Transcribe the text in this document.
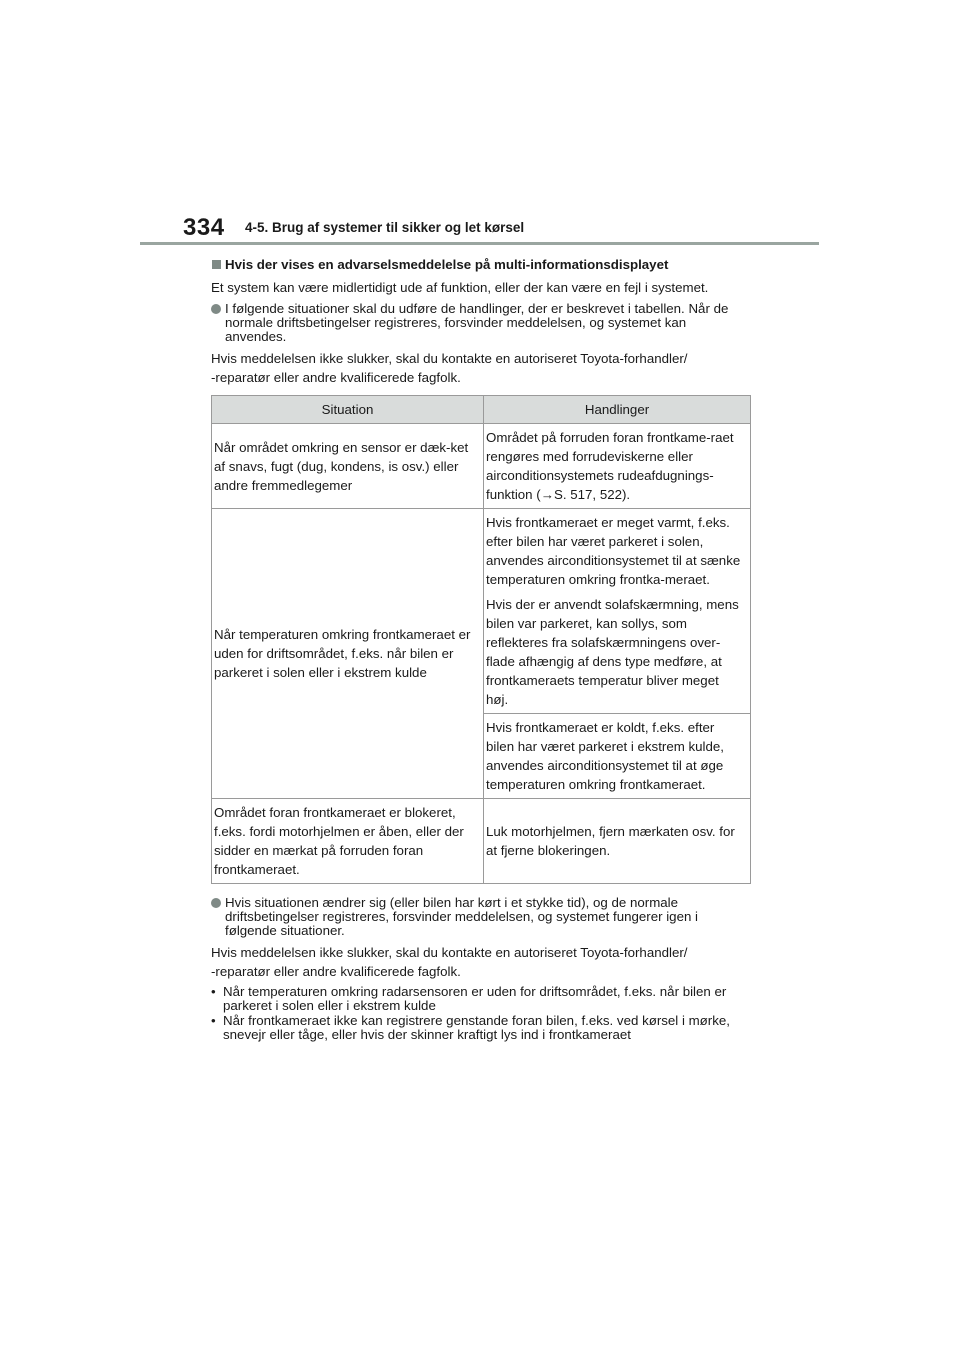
334 4-5. Brug af systemer til sikker og let kørsel
Hvis der vises en advarselsmeddelelse på multi-informationsdisplayet

Et system kan være midlertidigt ude af funktion, eller der kan være en fejl i systemet.

I følgende situationer skal du udføre de handlinger, der er beskrevet i tabellen. Når de normale driftsbetingelser registreres, forsvinder meddelelsen, og systemet kan anvendes.

Hvis meddelelsen ikke slukker, skal du kontakte en autoriseret Toyota-forhandler/

-reparatør eller andre kvalificerede fagfolk.

Situation	Handlinger
Når området omkring en sensor er dæk-ket af snavs, fugt (dug, kondens, is osv.) eller andre fremmedlegemer	Området på forruden foran frontkame-raet rengøres med forrudeviskerne eller airconditionsystemets rudeafdugnings-funktion (→S. 517, 522).
Når temperaturen omkring frontkameraet er uden for driftsområdet, f.eks. når bilen er parkeret i solen eller i ekstrem kulde	Hvis frontkameraet er meget varmt, f.eks. efter bilen har været parkeret i solen, anvendes airconditionsystemet til at sænke temperaturen omkring frontka-meraet.

Hvis der er anvendt solafskærmning, mens bilen var parkeret, kan sollys, som reflekteres fra solafskærmningens over-flade afhængig af dens type medføre, at frontkameraets temperatur bliver meget høj.

	Hvis frontkameraet er koldt, f.eks. efter bilen har været parkeret i ekstrem kulde, anvendes airconditionsystemet til at øge temperaturen omkring frontkameraet.
Området foran frontkameraet er blokeret, f.eks. fordi motorhjelmen er åben, eller der sidder en mærkat på forruden foran frontkameraet.	Luk motorhjelmen, fjern mærkaten osv. for at fjerne blokeringen.
Hvis situationen ændrer sig (eller bilen har kørt i et stykke tid), og de normale driftsbetingelser registreres, forsvinder meddelelsen, og systemet fungerer igen i følgende situationer.

Hvis meddelelsen ikke slukker, skal du kontakte en autoriseret Toyota-forhandler/

-reparatør eller andre kvalificerede fagfolk.

• Når temperaturen omkring radarsensoren er uden for driftsområdet, f.eks. når bilen er parkeret i solen eller i ekstrem kulde
• Når frontkameraet ikke kan registrere genstande foran bilen, f.eks. ved kørsel i mørke, snevejr eller tåge, eller hvis der skinner kraftigt lys ind i frontkameraet
